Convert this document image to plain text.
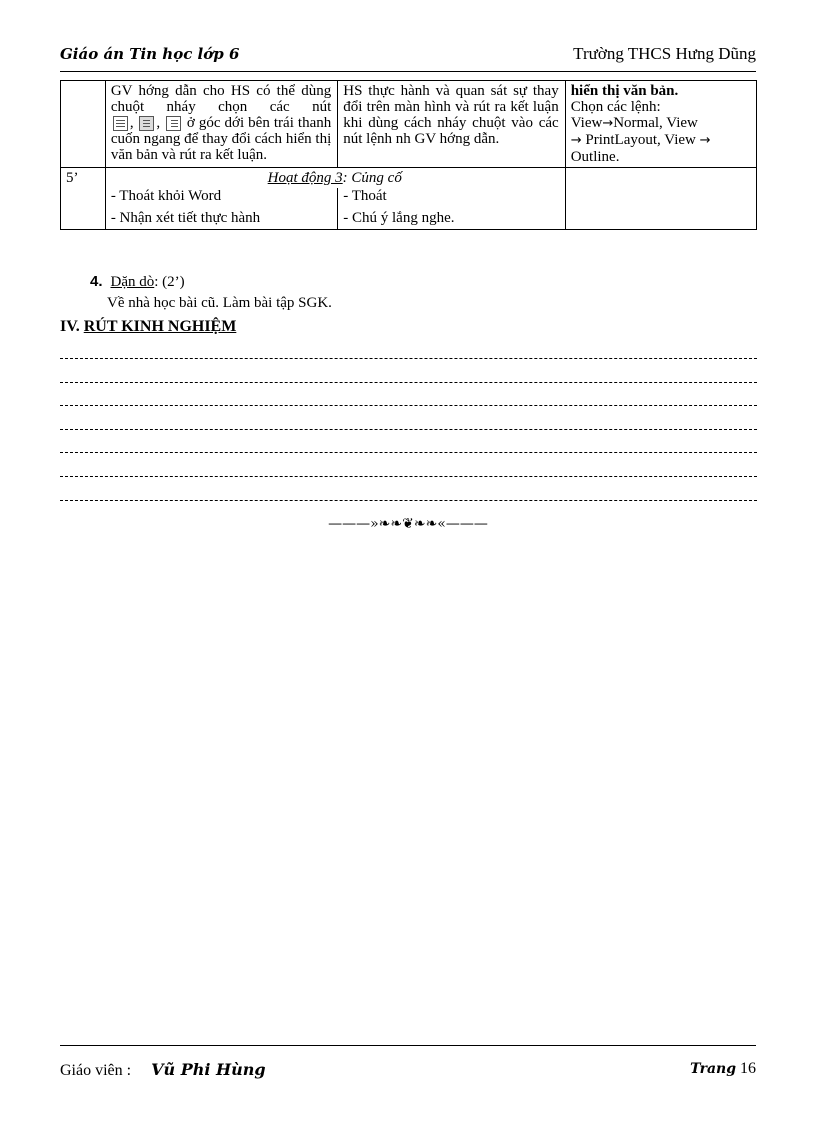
Giáo án Tin học lớp 6	Trường THCS Hưng Dũng
	GV hớng dẫn cho HS có thể dùng chuột nháy chọn các nút
,
,
ở góc dới bên trái thanh cuốn ngang để thay đổi cách hiển thị văn bản và rút ra kết luận.	HS thực hành và quan sát sự thay đổi trên màn hình và rút ra kết luận khi dùng cách nháy chuột vào các nút lệnh nh GV hớng dẫn.	hiển thị văn bản.
Chọn các lệnh:
View→Normal, View
→ PrintLayout, View →
Outline.
5’	Hoạt động 3: Củng cố		
	- Thoát khỏi Word	- Thoát	
	- Nhận xét tiết thực hành	- Chú ý lắng nghe.	
4. Dặn dò: (2’)
Về nhà học bài cũ. Làm bài tập SGK.
IV. RÚT KINH NGHIỆM
———»❧❧❦❧❧«———
Giáo viên : Vũ Phi Hùng	Trang 16
